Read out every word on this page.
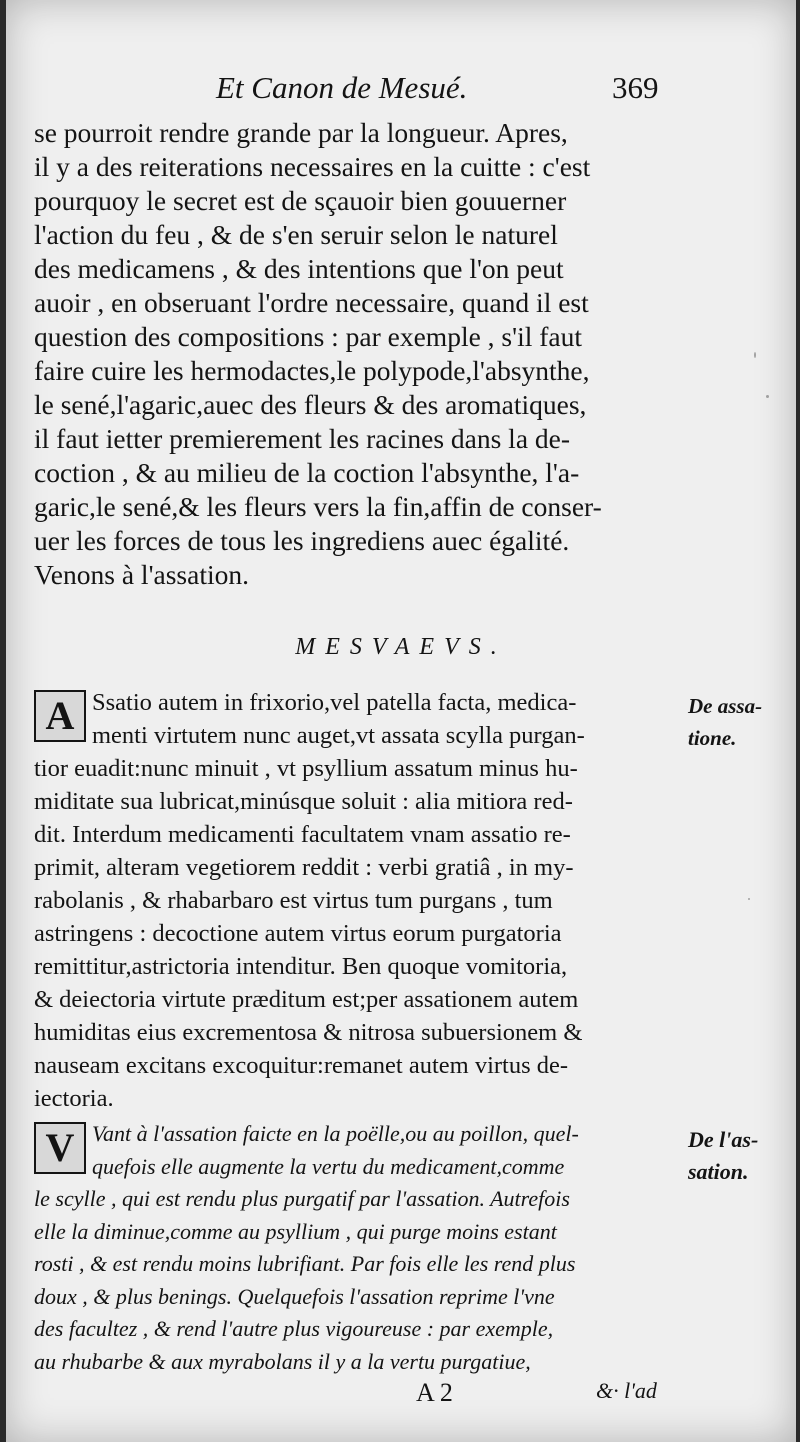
Et Canon de Mesué.	369
se pourroit rendre grande par la longueur. Apres,
il y a des reiterations necessaires en la cuitte : c'est
pourquoy le secret est de sçauoir bien gouuerner
l'action du feu , & de s'en seruir selon le naturel
des medicamens , & des intentions que l'on peut
auoir , en obseruant l'ordre necessaire, quand il est
question des compositions : par exemple , s'il faut
faire cuire les hermodactes,le polypode,l'absynthe,
le sené,l'agaric,auec des fleurs & des aromatiques,
il faut ietter premierement les racines dans la de-
coction , & au milieu de la coction l'absynthe, l'a-
garic,le sené,& les fleurs vers la fin,affin de conser-
uer les forces de tous les ingrediens auec égalité.
Venons à l'assation.
MESVAEVS.
A Ssatio autem in frixorio,vel patella facta, medica-
menti virtutem nunc auget,vt assata scylla purgan-
tior euadit:nunc minuit , vt psyllium assatum minus hu-
miditate sua lubricat,minúsque soluit : alia mitiora red-
dit. Interdum medicamenti facultatem vnam assatio re-
primit, alteram vegetiorem reddit : verbi gratiâ , in my-
rabolanis , & rhabarbaro est virtus tum purgans , tum
astringens : decoctione autem virtus eorum purgatoria
remittitur,astrictoria intenditur. Ben quoque vomitoria,
& deiectoria virtute præditum est;per assationem autem
humiditas eius excrementosa & nitrosa subuersionem &
nauseam excitans excoquitur:remanet autem virtus de-
iectoria.
De assa-
tione.
V Vant à l'assation faicte en la poëlle,ou au poillon, quel-
quefois elle augmente la vertu du medicament,comme
le scylle , qui est rendu plus purgatif par l'assation. Autrefois
elle la diminue,comme au psyllium , qui purge moins estant
rosti , & est rendu moins lubrifiant. Par fois elle les rend plus
doux , & plus benings. Quelquefois l'assation reprime l'vne
des facultez , & rend l'autre plus vigoureuse : par exemple,
au rhubarbe & aux myrabolans il y a la vertu purgatiue,
De l'as-
sation.
A 2	&· l'ad
